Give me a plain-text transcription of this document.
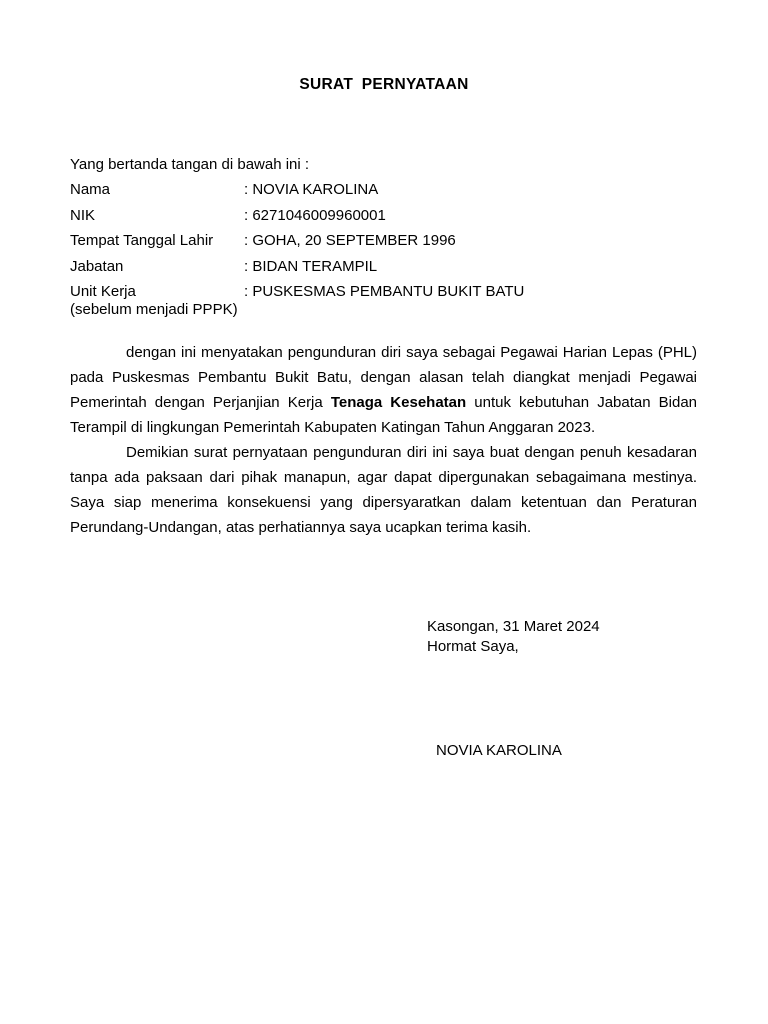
SURAT PERNYATAAN
Yang bertanda tangan di bawah ini :
Nama	: NOVIA KAROLINA
NIK	: 6271046009960001
Tempat Tanggal Lahir : GOHA, 20 SEPTEMBER 1996
Jabatan	: BIDAN TERAMPIL
Unit Kerja
(sebelum menjadi PPPK)
: PUSKESMAS PEMBANTU BUKIT BATU

dengan ini menyatakan pengunduran diri saya sebagai Pegawai Harian Lepas (PHL) pada Puskesmas Pembantu Bukit Batu, dengan alasan telah diangkat menjadi Pegawai Pemerintah dengan Perjanjian Kerja Tenaga Kesehatan untuk kebutuhan Jabatan Bidan Terampil di lingkungan Pemerintah Kabupaten Katingan Tahun Anggaran 2023.

Demikian surat pernyataan pengunduran diri ini saya buat dengan penuh kesadaran tanpa ada paksaan dari pihak manapun, agar dapat dipergunakan sebagaimana mestinya. Saya siap menerima konsekuensi yang dipersyaratkan dalam ketentuan dan Peraturan Perundang-Undangan, atas perhatiannya saya ucapkan terima kasih.

Kasongan, 31 Maret 2024
Hormat Saya,
NOVIA KAROLINA
